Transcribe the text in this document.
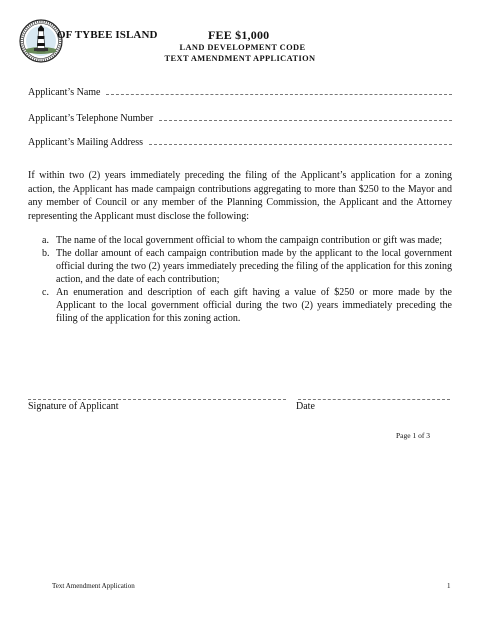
OF TYBEE ISLAND	FEE $1,000
LAND DEVELOPMENT CODE
TEXT AMENDMENT APPLICATION
Applicant’s Name
Applicant’s Telephone Number
Applicant’s Mailing Address

If within two (2) years immediately preceding the filing of the Applicant’s application for a zoning action, the Applicant has made campaign contributions aggregating to more than $250 to the Mayor and any member of Council or any member of the Planning Commission, the Applicant and the Attorney representing the Applicant must disclose the following:

a. The name of the local government official to whom the campaign contribution or gift was made;
b. The dollar amount of each campaign contribution made by the applicant to the local government official during the two (2) years immediately preceding the filing of the application for this zoning action, and the date of each contribution;
c. An enumeration and description of each gift having a value of $250 or more made by the Applicant to the local government official during the two (2) years immediately preceding the filing of the application for this zoning action.
Signature of Applicant	Date
Page 1 of 3
Text Amendment Application	1
